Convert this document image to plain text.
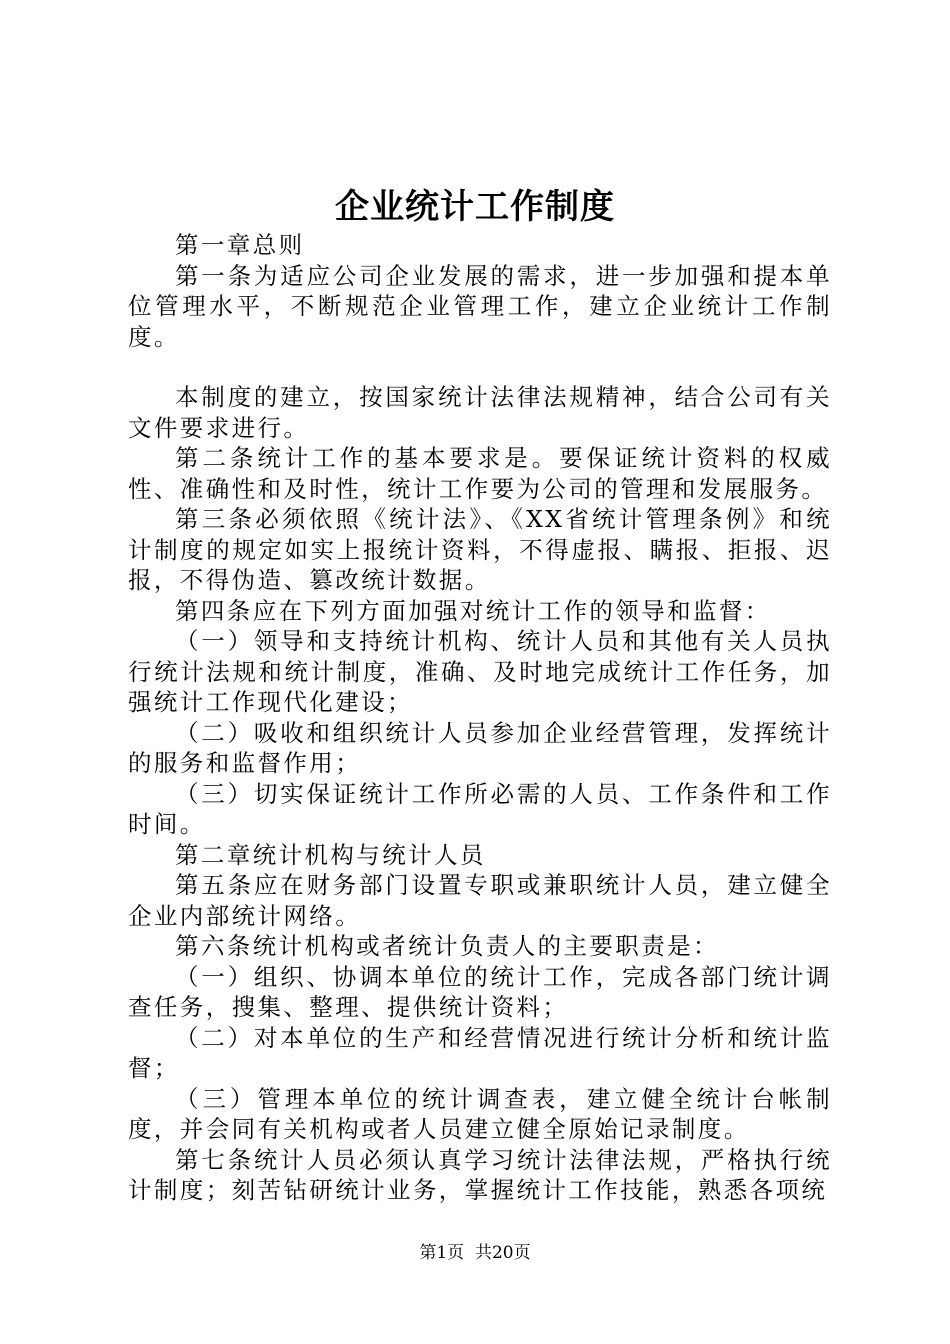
企业统计工作制度

第一章总则

第一条为适应公司企业发展的需求，进一步加强和提本单位管理水平，不断规范企业管理工作，建立企业统计工作制度。

本制度的建立，按国家统计法律法规精神，结合公司有关文件要求进行。

第二条统计工作的基本要求是。要保证统计资料的权威性、准确性和及时性，统计工作要为公司的管理和发展服务。

第三条必须依照《统计法》、《XX省统计管理条例》和统计制度的规定如实上报统计资料，不得虚报、瞒报、拒报、迟报，不得伪造、篡改统计数据。

第四条应在下列方面加强对统计工作的领导和监督：

（一）领导和支持统计机构、统计人员和其他有关人员执行统计法规和统计制度，准确、及时地完成统计工作任务，加强统计工作现代化建设；

（二）吸收和组织统计人员参加企业经营管理，发挥统计的服务和监督作用；

（三）切实保证统计工作所必需的人员、工作条件和工作时间。

第二章统计机构与统计人员

第五条应在财务部门设置专职或兼职统计人员，建立健全企业内部统计网络。

第六条统计机构或者统计负责人的主要职责是：

（一）组织、协调本单位的统计工作，完成各部门统计调查任务，搜集、整理、提供统计资料；

（二）对本单位的生产和经营情况进行统计分析和统计监督；

（三）管理本单位的统计调查表，建立健全统计台帐制度，并会同有关机构或者人员建立健全原始记录制度。

第七条统计人员必须认真学习统计法律法规，严格执行统计制度；刻苦钻研统计业务，掌握统计工作技能，熟悉各项统

第1页  共20页
